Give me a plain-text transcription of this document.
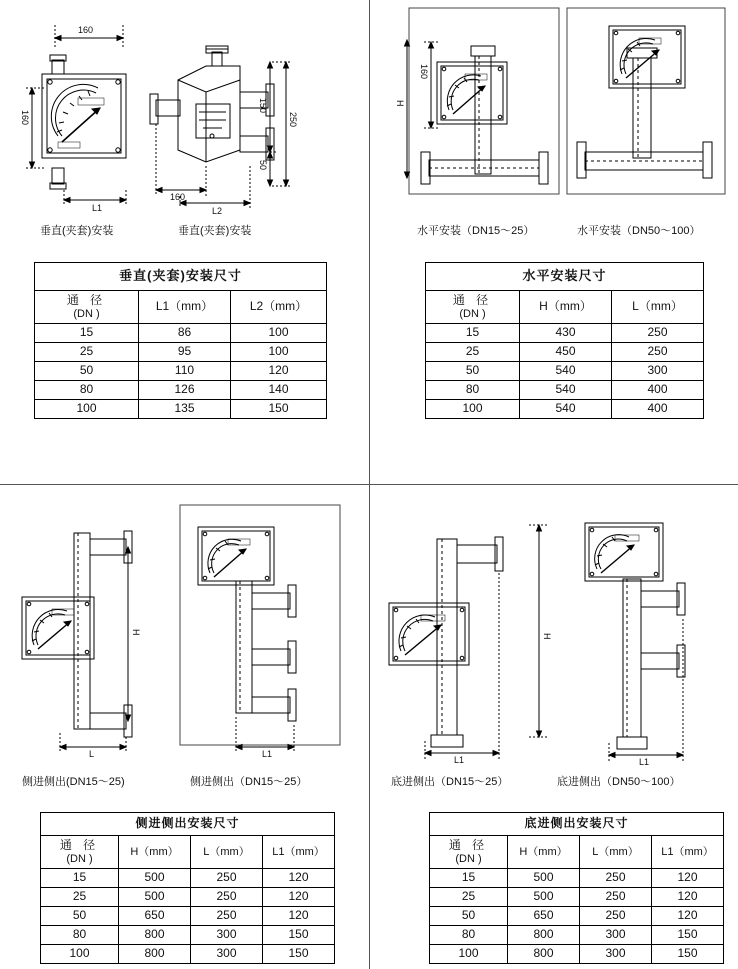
160
160
L1	L2
160
250
150
50
垂直(夹套)安装	垂直(夹套)安装
垂直(夹套)安装尺寸		

通 径
(DN )	L1（mm）	L2（mm）
15	86	100
25	95	100
50	110	120
80	126	140
100	135	150
160
H
水平安装（DN15～25）	水平安装（DN50～100）
水平安装尺寸		

通 径
(DN )	H（mm）	L（mm）
15	430	250
25	450	250
50	540	300
80	540	400
100	540	400
H
L	L1
侧进侧出(DN15～25)	侧进侧出（DN15～25）
侧进侧出安装尺寸			

通 径
(DN )	H（mm）	L（mm）	L1（mm）
15	500	250	120
25	500	250	120
50	650	250	120
80	800	300	150
100	800	300	150
H
L1	L1
底进侧出（DN15～25）	底进侧出（DN50～100）
底进侧出安装尺寸			

通 径
(DN )	H（mm）	L（mm）	L1（mm）
15	500	250	120
25	500	250	120
50	650	250	120
80	800	300	150
100	800	300	150
